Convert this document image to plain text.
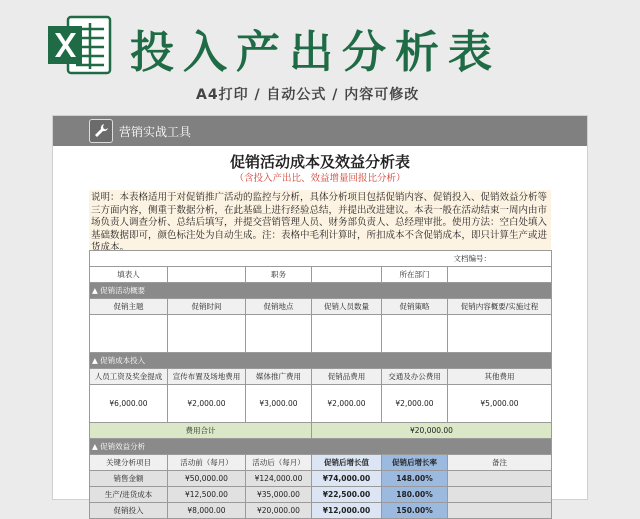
投入产出分析表
A4打印 / 自动公式 / 内容可修改
营销实战工具
促销活动成本及效益分析表
（含投入产出比、效益增量回报比分析）
说明：本表格适用于对促销推广活动的监控与分析，具体分析项目包括促销内容、促销投入、促销效益分析等三方面内容，侧重于数据分析，在此基础上进行经验总结，并提出改进建议。本表一般在活动结束一周内由市场负责人调查分析、总结后填写，并提交营销管理人员、财务部负责人、总经理审批。使用方法：空白处填入基础数据即可，颜色标注处为自动生成。注：表格中毛利计算时，所扣成本不含促销成本，即只计算生产或进货成本。
文档编号：					
填表人		职务		所在部门	
▲ 促销活动概要					
促销主题	促销时间	促销地点	促销人员数量	促销策略	促销内容概要/实施过程

▲ 促销成本投入					
人员工资及奖金提成	宣传布置及场地费用	媒体推广费用	促销品费用	交通及办公费用	其他费用
¥6,000.00	¥2,000.00	¥3,000.00	¥2,000.00	¥2,000.00	¥5,000.00
费用合计			¥20,000.00		
▲ 促销效益分析					
关键分析项目	活动前（每月）	活动后（每月）	促销后增长值	促销后增长率	备注
销售金额	¥50,000.00	¥124,000.00	¥74,000.00	148.00%	
生产/进货成本	¥12,500.00	¥35,000.00	¥22,500.00	180.00%	
促销投入	¥8,000.00	¥20,000.00	¥12,000.00	150.00%	
